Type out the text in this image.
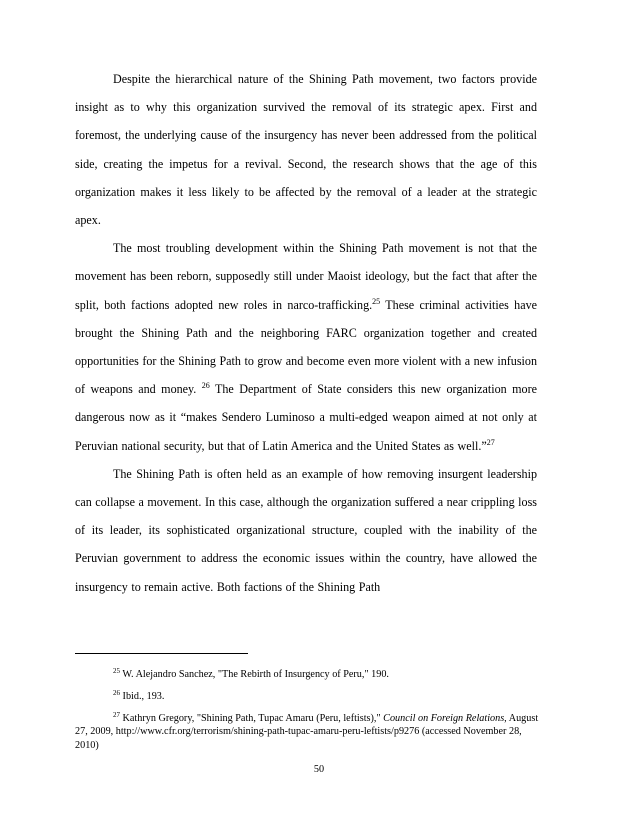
Despite the hierarchical nature of the Shining Path movement, two factors provide insight as to why this organization survived the removal of its strategic apex. First and foremost, the underlying cause of the insurgency has never been addressed from the political side, creating the impetus for a revival. Second, the research shows that the age of this organization makes it less likely to be affected by the removal of a leader at the strategic apex.

The most troubling development within the Shining Path movement is not that the movement has been reborn, supposedly still under Maoist ideology, but the fact that after the split, both factions adopted new roles in narco-trafficking.$^{25}$ These criminal activities have brought the Shining Path and the neighboring FARC organization together and created opportunities for the Shining Path to grow and become even more violent with a new infusion of weapons and money. $^{26}$ The Department of State considers this new organization more dangerous now as it “makes Sendero Luminoso a multi-edged weapon aimed at not only at Peruvian national security, but that of Latin America and the United States as well.”$^{27}$

The Shining Path is often held as an example of how removing insurgent leadership can collapse a movement. In this case, although the organization suffered a near crippling loss of its leader, its sophisticated organizational structure, coupled with the inability of the Peruvian government to address the economic issues within the country, have allowed the insurgency to remain active. Both factions of the Shining Path

$^{25}$ W. Alejandro Sanchez, "The Rebirth of Insurgency of Peru," 190.

$^{26}$ Ibid., 193.

$^{27}$ Kathryn Gregory, "Shining Path, Tupac Amaru (Peru, leftists)," Council on Foreign Relations, August 27, 2009, http://www.cfr.org/terrorism/shining-path-tupac-amaru-peru-leftists/p9276 (accessed November 28, 2010)

50
